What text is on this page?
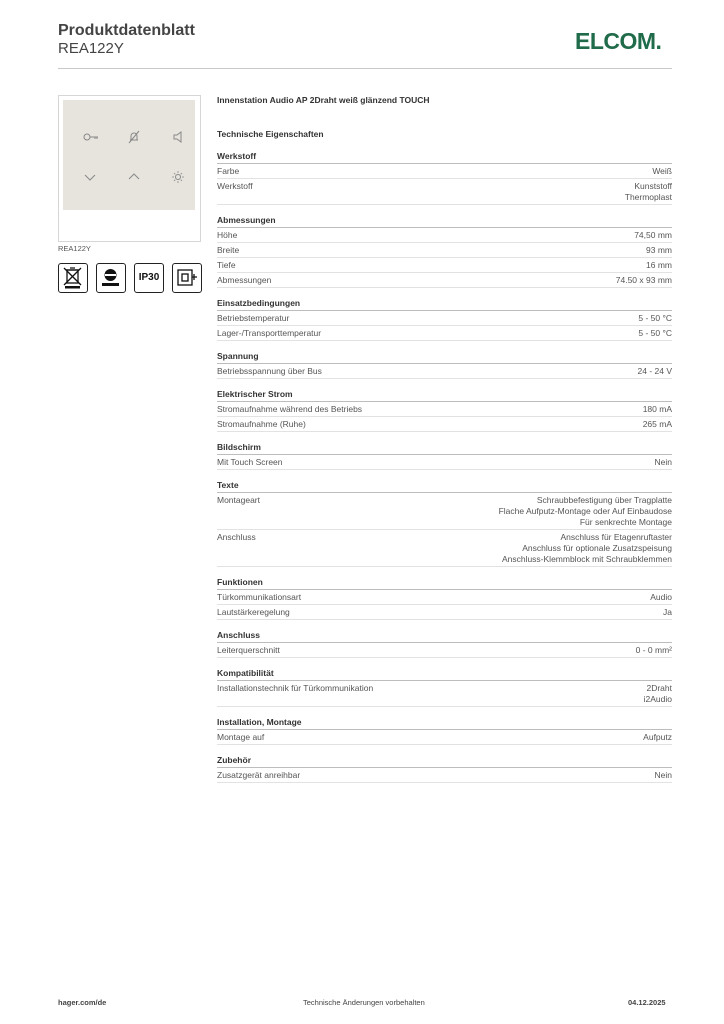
Produktdatenblatt
REA122Y	ELCOM.
REA122Y
IP30
Innenstation Audio AP 2Draht weiß glänzend TOUCH
Technische Eigenschaften
Werkstoff
Farbe	Weiß
Werkstoff	Kunststoff
Thermoplast
Abmessungen
Höhe	74,50 mm
Breite	93 mm
Tiefe	16 mm
Abmessungen	74.50 x 93 mm
Einsatzbedingungen
Betriebstemperatur	5 - 50 °C
Lager-/Transporttemperatur	5 - 50 °C
Spannung
Betriebsspannung über Bus	24 - 24 V
Elektrischer Strom
Stromaufnahme während des Betriebs	180 mA
Stromaufnahme (Ruhe)	265 mA
Bildschirm
Mit Touch Screen	Nein
Texte
Montageart	Schraubbefestigung über Tragplatte
Flache Aufputz-Montage oder Auf Einbaudose
Für senkrechte Montage
Anschluss	Anschluss für Etagenruftaster
Anschluss für optionale Zusatzspeisung
Anschluss-Klemmblock mit Schraubklemmen
Funktionen
Türkommunikationsart	Audio
Lautstärkeregelung	Ja
Anschluss
Leiterquerschnitt	0 - 0 mm²
Kompatibilität
Installationstechnik für Türkommunikation	2Draht
i2Audio
Installation, Montage
Montage auf	Aufputz
Zubehör
Zusatzgerät anreihbar	Nein
hager.com/de	Technische Änderungen vorbehalten	04.12.2025
